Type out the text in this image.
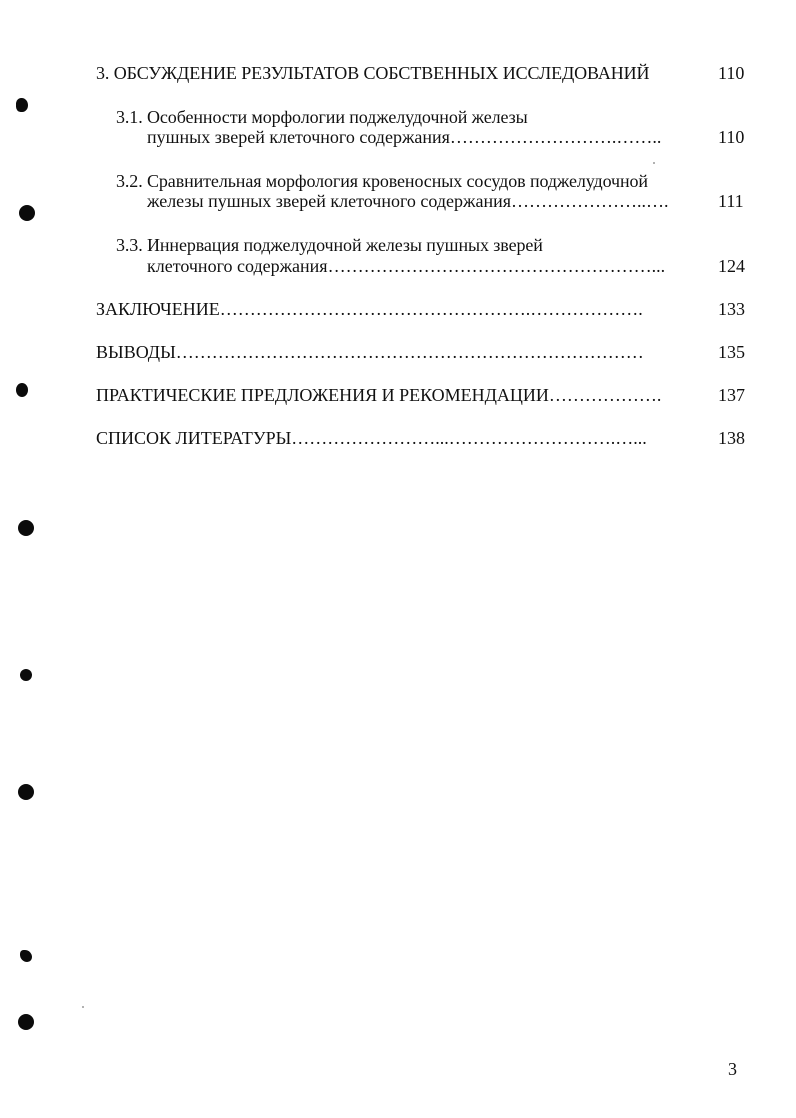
3. ОБСУЖДЕНИЕ РЕЗУЛЬТАТОВ СОБСТВЕННЫХ ИССЛЕДОВАНИЙ	110
3.1. Особенности морфологии поджелудочной железы
пушных зверей клеточного содержания……………………….……..	110
3.2. Сравнительная морфология кровеносных сосудов поджелудочной
железы пушных зверей клеточного содержания…………………..….	111
3.3. Иннервация поджелудочной железы пушных зверей
клеточного содержания………………………………………………...	124
ЗАКЛЮЧЕНИЕ…………………………………………….……………….	133
ВЫВОДЫ……………………………………………………………………	135
ПРАКТИЧЕСКИЕ ПРЕДЛОЖЕНИЯ И РЕКОМЕНДАЦИИ……………….	137
СПИСОК ЛИТЕРАТУРЫ……………………...……………………….…...	138
3
